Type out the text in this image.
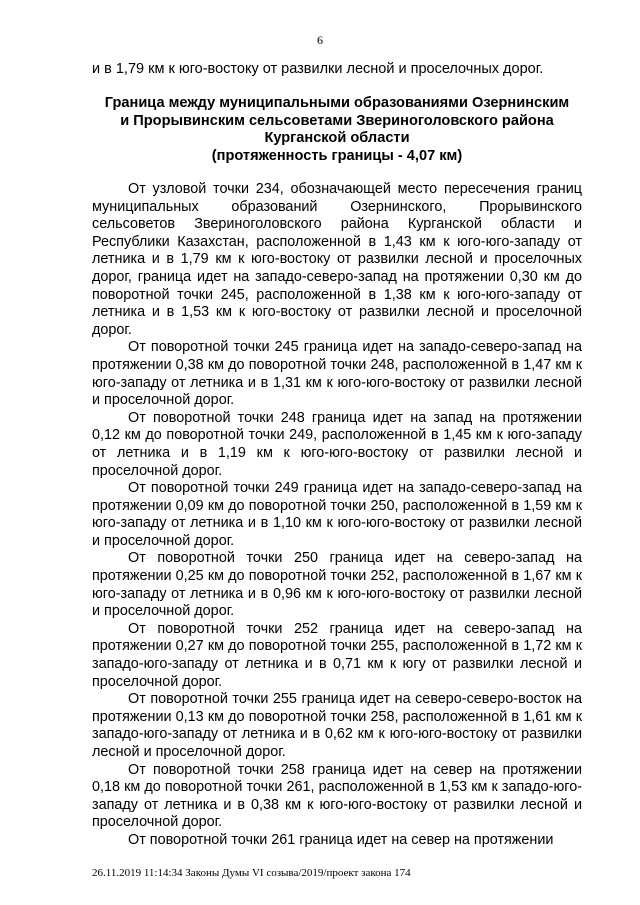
6
и в 1,79 км к юго-востоку от развилки лесной и проселочных дорог.
Граница между муниципальными образованиями Озернинским
и Прорывинским сельсоветами Звериноголовского района
Курганской области
(протяженность границы - 4,07 км)

От узловой точки 234, обозначающей место пересечения границ муниципальных образований Озернинского, Прорывинского сельсоветов Звериноголовского района Курганской области и Республики Казахстан, расположенной в 1,43 км к юго-юго-западу от летника и в 1,79 км к юго-востоку от развилки лесной и проселочных дорог, граница идет на западо-северо-запад на протяжении 0,30 км до поворотной точки 245, расположенной в 1,38 км к юго-юго-западу от летника и в 1,53 км к юго-востоку от развилки лесной и проселочной дорог.

От поворотной точки 245 граница идет на западо-северо-запад на протяжении 0,38 км до поворотной точки 248, расположенной в 1,47 км к юго-западу от летника и в 1,31 км к юго-юго-востоку от развилки лесной и проселочной дорог.

От поворотной точки 248 граница идет на запад на протяжении 0,12 км до поворотной точки 249, расположенной в 1,45 км к юго-западу от летника и в 1,19 км к юго-юго-востоку от развилки лесной и проселочной дорог.

От поворотной точки 249 граница идет на западо-северо-запад на протяжении 0,09 км до поворотной точки 250, расположенной в 1,59 км к юго-западу от летника и в 1,10 км к юго-юго-востоку от развилки лесной и проселочной дорог.

От поворотной точки 250 граница идет на северо-запад на протяжении 0,25 км до поворотной точки 252, расположенной в 1,67 км к юго-западу от летника и в 0,96 км к юго-юго-востоку от развилки лесной и проселочной дорог.

От поворотной точки 252 граница идет на северо-запад на протяжении 0,27 км до поворотной точки 255, расположенной в 1,72 км к западо-юго-западу от летника и в 0,71 км к югу от развилки лесной и проселочной дорог.

От поворотной точки 255 граница идет на северо-северо-восток на протяжении 0,13 км до поворотной точки 258, расположенной в 1,61 км к западо-юго-западу от летника и в 0,62 км к юго-юго-востоку от развилки лесной и проселочной дорог.

От поворотной точки 258 граница идет на север на протяжении 0,18 км до поворотной точки 261, расположенной в 1,53 км к западо-юго-западу от летника и в 0,38 км к юго-юго-востоку от развилки лесной и проселочной дорог.

От поворотной точки 261 граница идет на север на протяжении

26.11.2019 11:14:34 Законы Думы VI созыва/2019/проект закона 174
